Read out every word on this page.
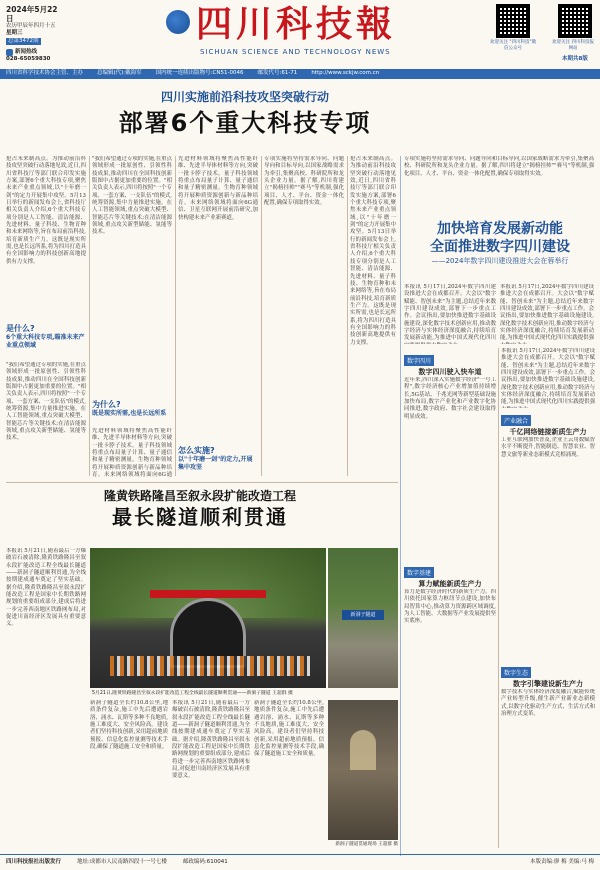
2024年5月22日
农历甲辰年四月十五
星期三
总第3472期
新闻热线
028-65059830
四川科技報
SICHUAN SCIENCE AND TECHNOLOGY NEWS
欢迎关注 "四川科技"微信公众号
欢迎关注 四川科技报网站
本期共8版
四川省科学技术协会主管、主办	总编辑(代):戴海军	国内统一连续出版物号:CN51-0046	邮发代号:61-71	http://www.sckjw.com.cn
四川实施前沿科技攻坚突破行动
部署6个重大科技专项
抢占未来制高点。为推动前沿科技攻坚突破行动落地见效,近日,四川省科技厅等部门联合印发实施方案,部署6个重大科技专项,聚焦未来产业重点领域,以"十年磨一剑"的定力开展集中攻坚。5月13日举行的新闻发布会上,省科技厅相关负责人介绍,6个重大科技专项分别是人工智能、清洁能源、先进材料、量子科技、生物育种和未来网络等,旨在布局前沿科技,培育新质生产力。这既是现实所需,也是长远所系,将为四川打造具有全国影响力的科技创新高地提供有力支撑。
是什么?
6个重大科技专项,瞄准未来产业重点领域
"我们希望通过专项的实施,在重点领域形成一批原创性、引领性科技成果,推动四川在全国科技创新版图中占据更加重要的位置。"相关负责人表示,四川将按照"一个专项、一套方案、一支队伍"的模式,统筹资源,集中力量推进实施。在人工智能领域,重点突破大模型、智能芯片等关键技术;在清洁能源领域,重点攻关新型储能、氢能等技术。
"我们希望通过专项的实施,在重点领域形成一批原创性、引领性科技成果,推动四川在全国科技创新版图中占据更加重要的位置。"相关负责人表示,四川将按照"一个专项、一套方案、一支队伍"的模式,统筹资源,集中力量推进实施。在人工智能领域,重点突破大模型、智能芯片等关键技术;在清洁能源领域,重点攻关新型储能、氢能等技术。
为什么?
既是现实所需,也是长远所系
先进材料领域将聚焦高性能纤维、先进半导体材料等方向,突破一批卡脖子技术。量子科技领域将重点布局量子计算、量子通信和量子精密测量。生物育种领域将开展种质资源创新与新品种培育。未来网络领域将面向6G通
先进材料领域将聚焦高性能纤维、先进半导体材料等方向,突破一批卡脖子技术。量子科技领域将重点布局量子计算、量子通信和量子精密测量。生物育种领域将开展种质资源创新与新品种培育。未来网络领域将面向6G通信、卫星互联网开展前沿研究,加快构建未来产业新赛道。
怎么实施?
以"十年磨一剑"的定力,开展集中攻坚
专项实施将坚持需求导向、问题导向和目标导向,以国家战略需求为牵引,集聚高校、科研院所和龙头企业力量。据了解,四川将建立"揭榜挂帅""赛马"等机制,强化项目、人才、平台、资金一体化配置,确保专项取得实效。
抢占未来制高点。为推动前沿科技攻坚突破行动落地见效,近日,四川省科技厅等部门联合印发实施方案,部署6个重大科技专项,聚焦未来产业重点领域,以"十年磨一剑"的定力开展集中攻坚。5月13日举行的新闻发布会上,省科技厅相关负责人介绍,6个重大科技专项分别是人工智能、清洁能源、先进材料、量子科技、生物育种和未来网络等,旨在布局前沿科技,培育新质生产力。这既是现实所需,也是长远所系,将为四川打造具有全国影响力的科技创新高地提供有力支撑。
专项实施将坚持需求导向、问题导向和目标导向,以国家战略需求为牵引,集聚高校、科研院所和龙头企业力量。据了解,四川将建立"揭榜挂帅""赛马"等机制,强化项目、人才、平台、资金一体化配置,确保专项取得实效。
加快培育发展新动能
全面推进数字四川建设
——2024年数字四川建设推进大会在蓉举行
本报讯 5月17日,2024年数字四川建设推进大会在成都召开。大会以"数字赋能、智创未来"为主题,总结近年来数字四川建设成效,部署下一步重点工作。会议指出,要加快推进数字基础设施建设,深化数字技术创新应用,推动数字经济与实体经济深度融合,持续培育发展新动能,为推进中国式现代化四川
本报讯 5月17日,2024年数字四川建设推进大会在成都召开。大会以"数字赋能、智创未来"为主题,总结近年来数字四川建设成效,部署下一步重点工作。会议指出,要加快推进数字基础设施建设,深化数字技术创新应用,推动数字经济与实体经济深度融合,持续培育发展新动能,为推进中国式现代化四川实践提供强
数字四川
数字四川驶入快车道
近年来,四川深入实施数字经济"一号工程",数字经济核心产业增加值持续增长,5G基站、千兆光网等新型基础设施加快布局,数字产业化和产业数字化协同推进,数字政府、数字社会建设取得明显成效。
数字基建
算力赋能新质生产力
算力是数字经济时代的新质生产力。四川依托国家算力枢纽节点建设,加快布局智算中心,推动算力资源跨区域调度,为人工智能、大数据等产业发展提供坚实底座。
本报讯 5月17日,2024年数字四川建设推进大会在成都召开。大会以"数字赋能、智创未来"为主题,总结近年来数字四川建设成效,部署下一步重点工作。会议指出,要加快推进数字基础设施建设,深化数字技术创新应用,推动数字经济与实体经济深度融合,持续培育发展新动能,为推进中国式现代化四川实践提供强
产业融合
千亿网络链接新质生产力
工业互联网加快普及,企业上云用数赋智水平不断提升,智能制造、智慧农业、智慧文旅等新业态新模式竞相涌现。
数字生态
数字引擎建设新生产力
数字技术与实体经济深度融合,赋能传统产业转型升级,催生新产业新业态新模式,以数字化驱动生产方式、生活方式和治理方式变革。
隆黄铁路隆昌至叙永段扩能改造工程
最长隧道顺利贯通
本报讯 5月21日,随着最后一方爆破岩石被清除,隆黄铁路隆昌至叙永段扩能改造工程全线最长隧道——新洞子隧道顺利贯通,为全线按期建成通车奠定了坚实基础。据介绍,隆黄铁路隆昌至叙永段扩能改造工程是国家中长期铁路网规划的重要组成部分,建成后将进一步完善西南地区铁路网布局,对促进川南经济区发展具有重要意义。
5月21日,隆黄铁路隆昌至叙永段扩能改造工程全线最长隧道顺利贯通——新洞子隧道 王超群 摄
新洞子隧道
新洞子隧道全长约10.8公里,地质条件复杂,施工中先后遭遇岩溶、涌水、瓦斯等多种不良地质,施工难度大、安全风险高。建设者们坚持科技创新,采用超前地质预报、信息化监控量测等技术手段,确保了隧道施工安全和质量。
本报讯 5月21日,随着最后一方爆破岩石被清除,隆黄铁路隆昌至叙永段扩能改造工程全线最长隧道——新洞子隧道顺利贯通,为全线按期建成通车奠定了坚实基础。据介绍,隆黄铁路隆昌至叙永段扩能改造工程是国家中长期铁路网规划的重要组成部分,建成后将进一步完善西南地区铁路网布局,对促进川南经济区发展具有重要意义。
新洞子隧道全长约10.8公里,地质条件复杂,施工中先后遭遇岩溶、涌水、瓦斯等多种不良地质,施工难度大、安全风险高。建设者们坚持科技创新,采用超前地质预报、信息化监控量测等技术手段,确保了隧道施工安全和质量。
新洞子隧道贯通现场 王超群 摄
四川科技报社出版发行	地址:成都市人民南路四段十一号七楼	邮政编码:610041	本版责编:廖 梅 美编:马 梅
